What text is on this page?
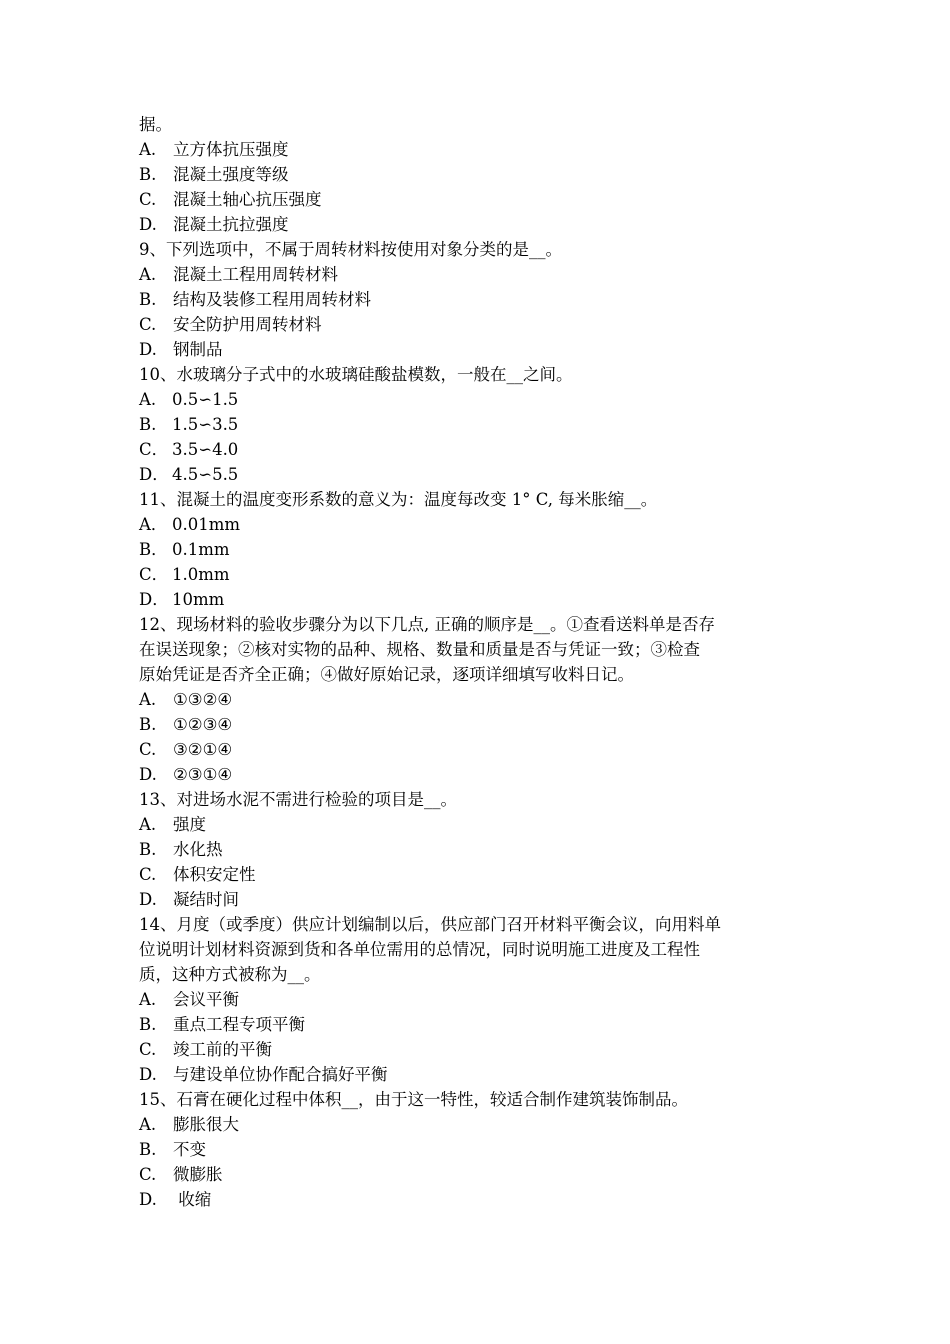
据。
A. 立方体抗压强度
B. 混凝土强度等级
C. 混凝土轴心抗压强度
D. 混凝土抗拉强度
9、下列选项中，不属于周转材料按使用对象分类的是__。
A. 混凝土工程用周转材料
B. 结构及装修工程用周转材料
C. 安全防护用周转材料
D. 钢制品
10、水玻璃分子式中的水玻璃硅酸盐模数，一般在__之间。
A. 0.5∽1.5
B. 1.5∽3.5
C． 3.5∽4.0
D． 4.5∽5.5
11、混凝土的温度变形系数的意义为：温度每改变 1° C, 每米胀缩__。
A． 0.01mm
B． 0.1mm
C． 1.0mm
D． 10mm
12、现场材料的验收步骤分为以下几点, 正确的顺序是__。①查看送料单是否存
在误送现象；②核对实物的品种、规格、数量和质量是否与凭证一致；③检查
原始凭证是否齐全正确；④做好原始记录，逐项详细填写收料日记。
A. ①③②④
B. ①②③④
C. ③②①④
D. ②③①④
13、对进场水泥不需进行检验的项目是__。
A. 强度
B. 水化热
C. 体积安定性
D. 凝结时间
14、月度（或季度）供应计划编制以后，供应部门召开材料平衡会议，向用料单
位说明计划材料资源到货和各单位需用的总情况，同时说明施工进度及工程性
质，这种方式被称为__。
A. 会议平衡
B. 重点工程专项平衡
C. 竣工前的平衡
D. 与建设单位协作配合搞好平衡
15、石膏在硬化过程中体积__，由于这一特性，较适合制作建筑装饰制品。
A. 膨胀很大
B. 不变
C. 微膨胀
D. 收缩
